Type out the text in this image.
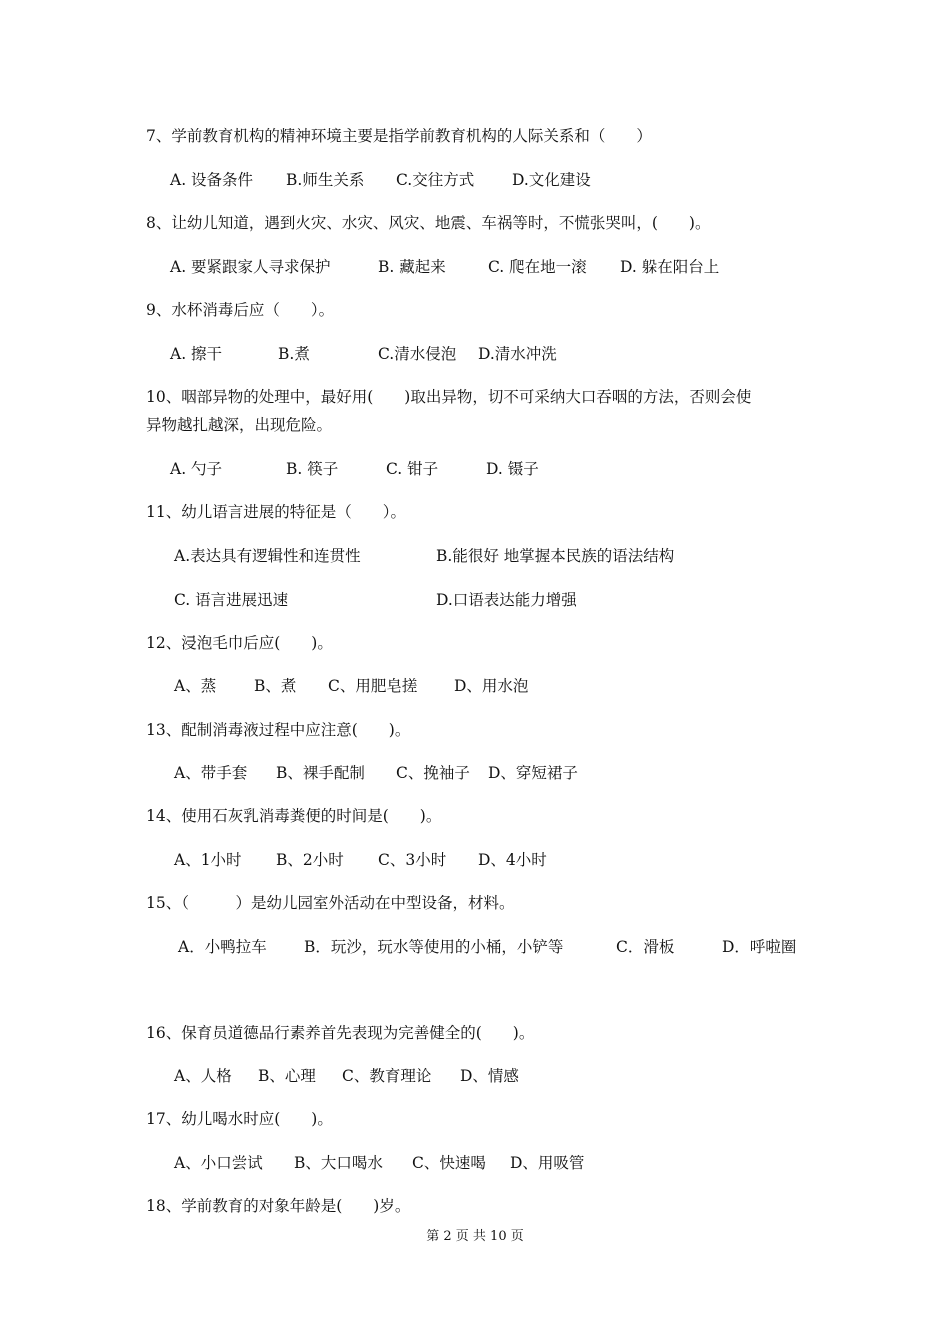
7、学前教育机构的精神环境主要是指学前教育机构的人际关系和（　　）
A. 设备条件 B.师生关系 C.交往方式 D.文化建设
8、让幼儿知道，遇到火灾、水灾、风灾、地震、车祸等时，不慌张哭叫，(　　)。
A. 要紧跟家人寻求保护	B. 藏起来	C. 爬在地一滚 D. 躲在阳台上
9、水杯消毒后应（　　）。
A. 擦干	B.煮	C.清水侵泡 D.清水冲洗
10、咽部异物的处理中，最好用(　　)取出异物，切不可采纳大口吞咽的方法，否则会使
异物越扎越深，出现危险。
A. 勺子	B. 筷子	C. 钳子	D. 镊子
11、幼儿语言进展的特征是（　　）。
A.表达具有逻辑性和连贯性	B.能很好 地掌握本民族的语法结构
C. 语言进展迅速	D.口语表达能力增强
12、浸泡毛巾后应(　　)。
A、蒸 B、煮 C、用肥皂搓 D、用水泡
13、配制消毒液过程中应注意(　　)。
A、带手套 B、裸手配制 C、挽袖子 D、穿短裙子
14、使用石灰乳消毒粪便的时间是(　　)。
A、1小时 B、2小时 C、3小时 D、4小时
15、（　　　）是幼儿园室外活动在中型设备，材料。
A．小鸭拉车 B．玩沙，玩水等使用的小桶，小铲等	C．滑板	D．呼啦圈
16、保育员道德品行素养首先表现为完善健全的(　　)。
A、人格 B、心理 C、教育理论 D、情感
17、幼儿喝水时应(　　)。
A、小口尝试 B、大口喝水 C、快速喝 D、用吸管
18、学前教育的对象年龄是(　　)岁。
第 2 页 共 10 页
